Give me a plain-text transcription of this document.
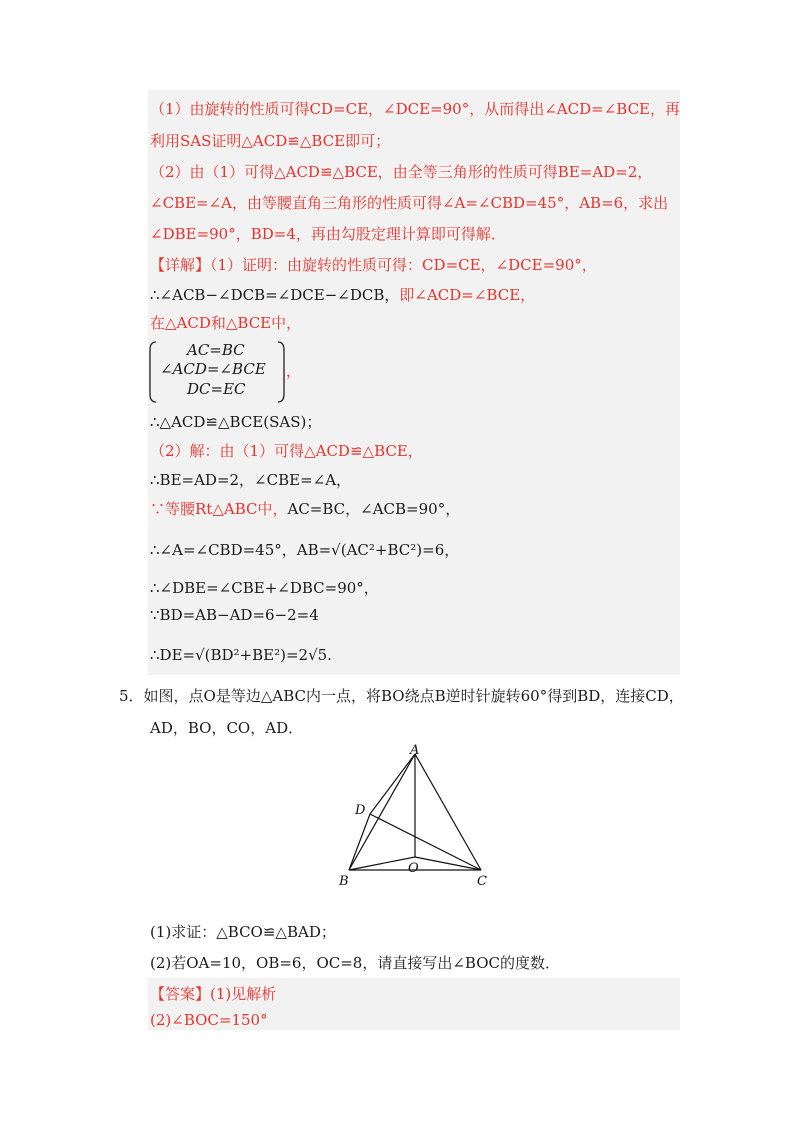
（1）由旋转的性质可得CD=CE，∠DCE=90°，从而得出∠ACD=∠BCE，再
利用SAS证明△ACD≌△BCE即可；
（2）由（1）可得△ACD≌△BCE，由全等三角形的性质可得BE=AD=2，
∠CBE=∠A，由等腰直角三角形的性质可得∠A=∠CBD=45°，AB=6，求出
∠DBE=90°，BD=4，再由勾股定理计算即可得解．
【详解】（1）证明：由旋转的性质可得：CD=CE，∠DCE=90°，
∴∠ACB−∠DCB=∠DCE−∠DCB，即∠ACD=∠BCE，
在△ACD和△BCE中，
AC=BC
∠ACD=∠BCE
DC=EC
，
∴△ACD≌△BCE(SAS)；
（2）解：由（1）可得△ACD≌△BCE，
∴BE=AD=2，∠CBE=∠A，
∵等腰Rt△ABC中，AC=BC，∠ACB=90°，
∴∠A=∠CBD=45°，AB=√(AC²+BC²)=6，
∴∠DBE=∠CBE+∠DBC=90°，
∵BD=AB−AD=6−2=4
∴DE=√(BD²+BE²)=2√5.
5．如图，点O是等边△ABC内一点，将BO绕点B逆时针旋转60°得到BD，连接CD，
AD，BO，CO，AD．
A
B	C
D
O
(1)求证：△BCO≌△BAD；
(2)若OA=10，OB=6，OC=8，请直接写出∠BOC的度数．
【答案】(1)见解析
(2)∠BOC=150°
